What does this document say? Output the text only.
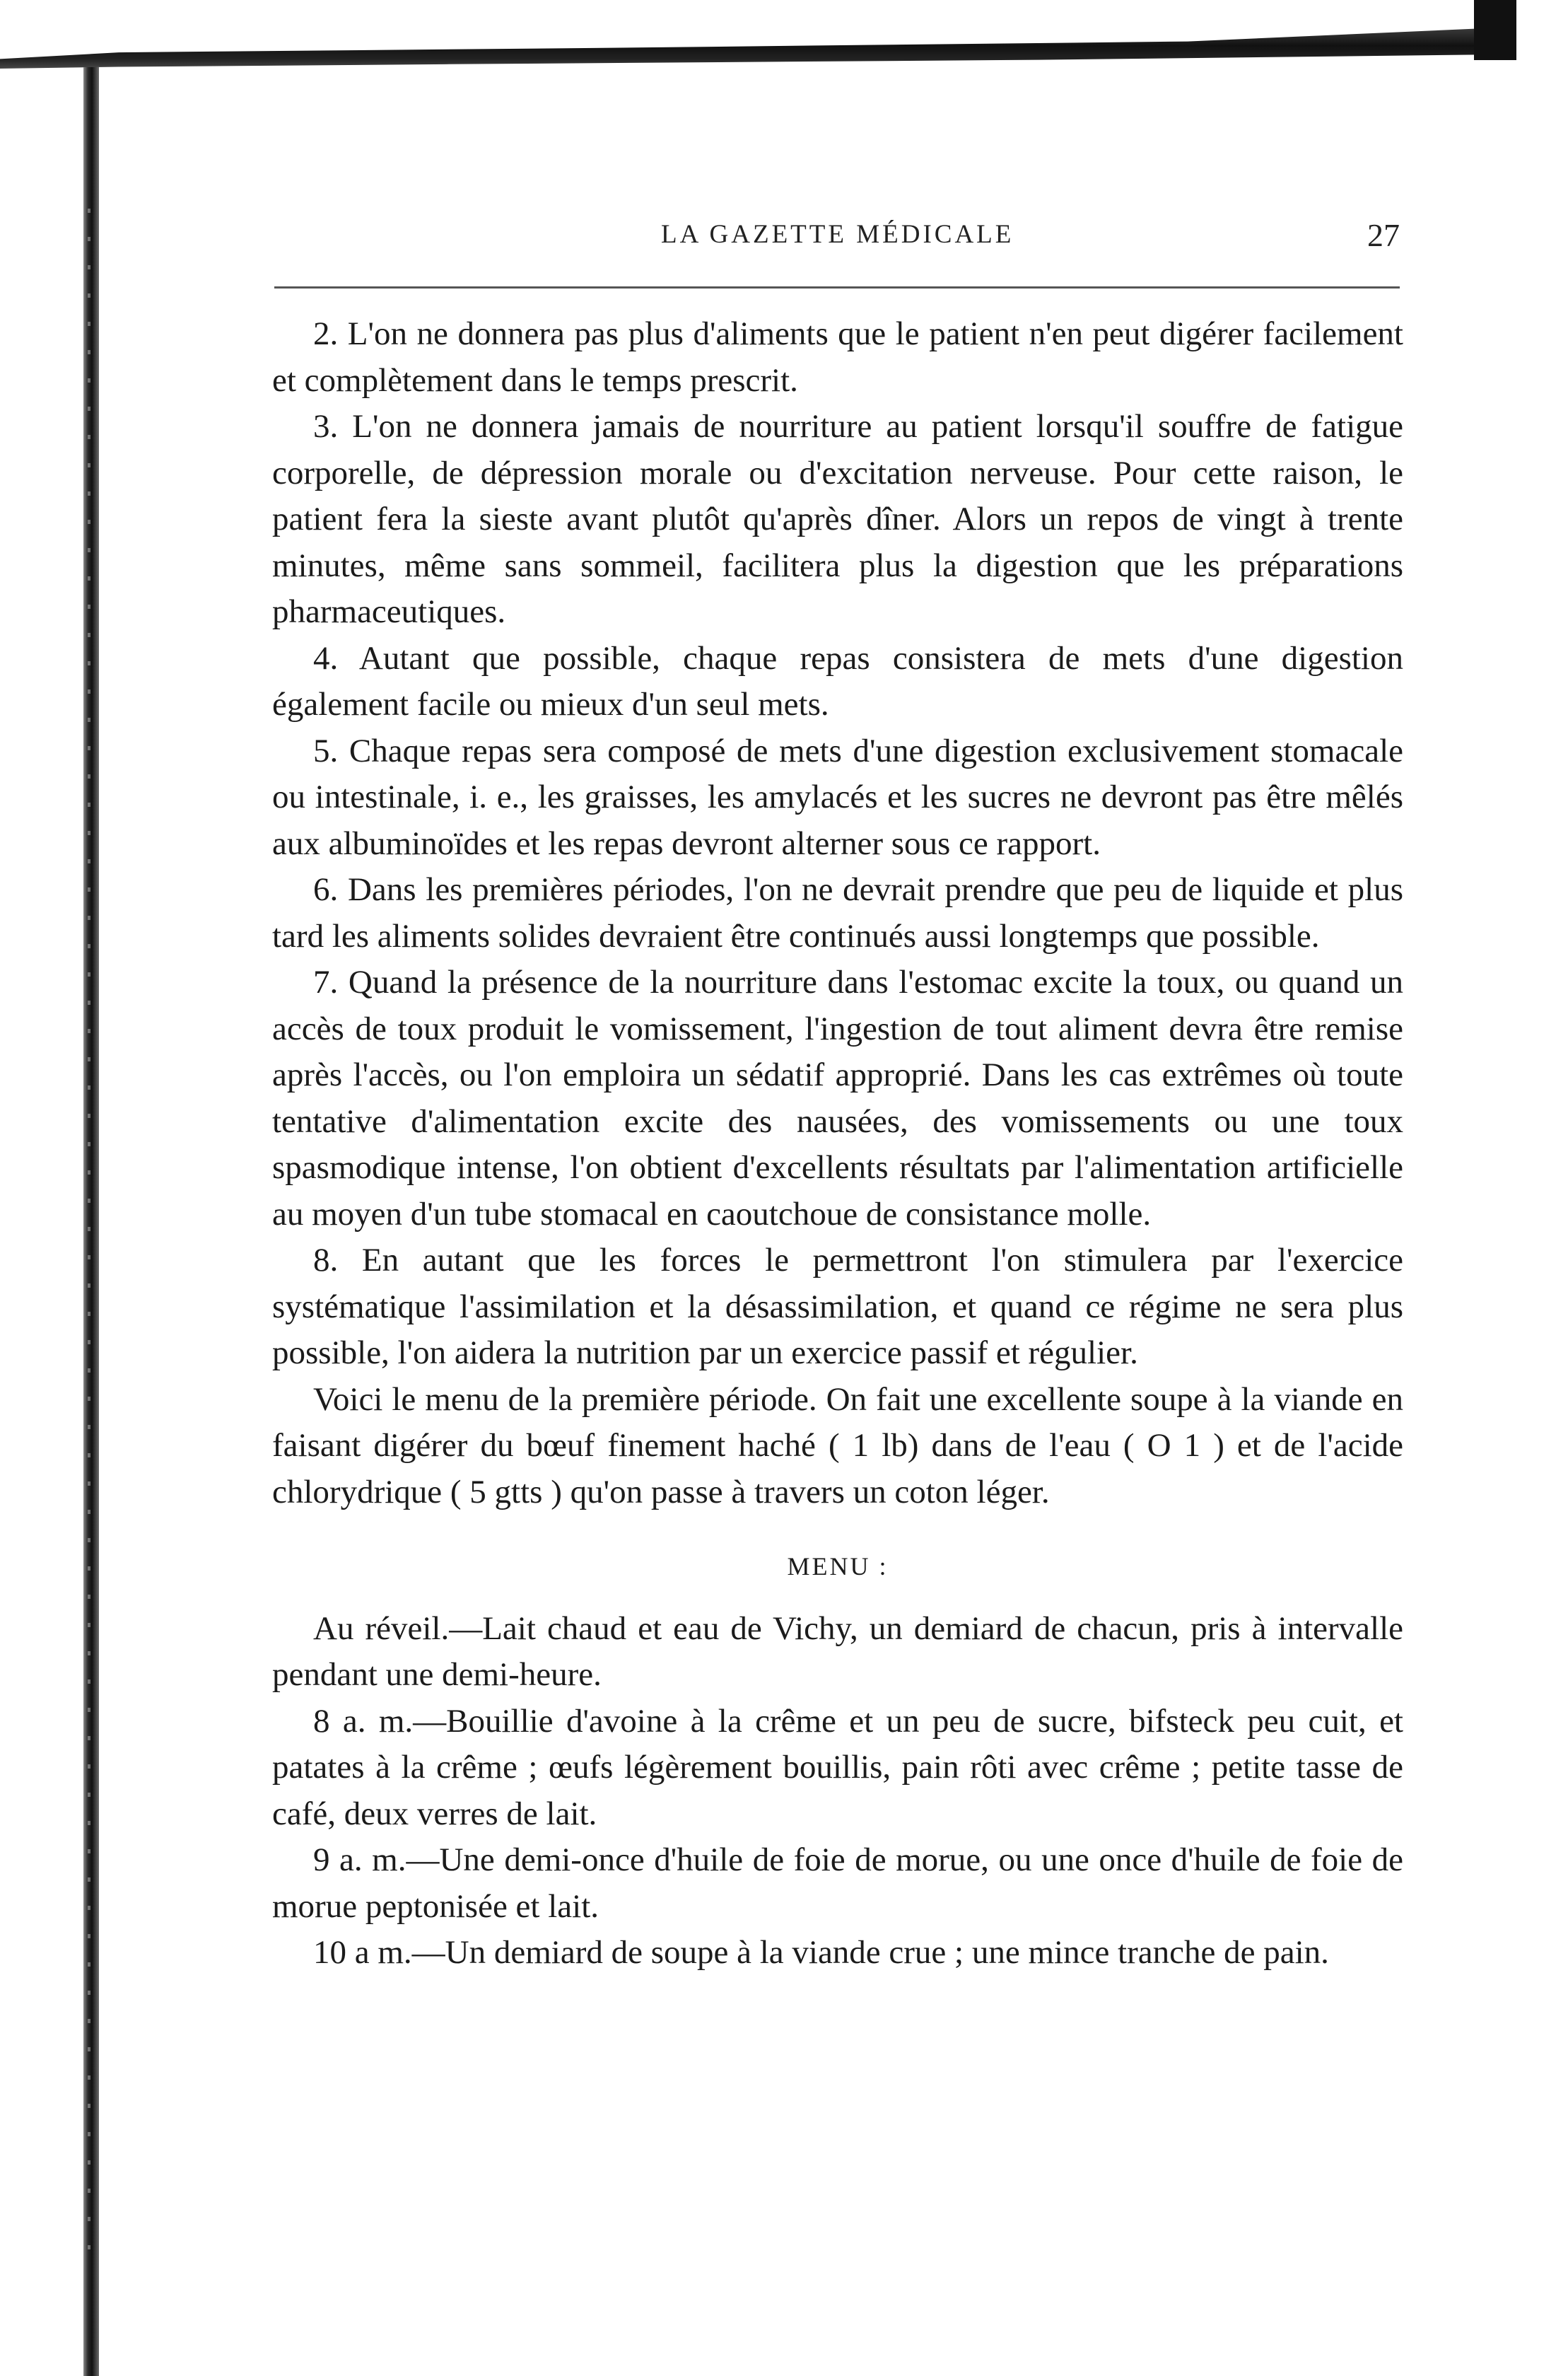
LA GAZETTE MÉDICALE	27

2. L'on ne donnera pas plus d'aliments que le patient n'en peut digérer facilement et complètement dans le temps prescrit.

3. L'on ne donnera jamais de nourriture au patient lorsqu'il souffre de fatigue corporelle, de dépression morale ou d'excitation nerveuse. Pour cette raison, le patient fera la sieste avant plutôt qu'après dîner. Alors un repos de vingt à trente minutes, même sans sommeil, facilitera plus la digestion que les préparations pharmaceutiques.

4. Autant que possible, chaque repas consistera de mets d'une digestion également facile ou mieux d'un seul mets.

5. Chaque repas sera composé de mets d'une digestion exclusivement stomacale ou intestinale, i. e., les graisses, les amylacés et les sucres ne devront pas être mêlés aux albuminoïdes et les repas devront alterner sous ce rapport.

6. Dans les premières périodes, l'on ne devrait prendre que peu de liquide et plus tard les aliments solides devraient être continués aussi longtemps que possible.

7. Quand la présence de la nourriture dans l'estomac excite la toux, ou quand un accès de toux produit le vomissement, l'ingestion de tout aliment devra être remise après l'accès, ou l'on emploira un sédatif approprié. Dans les cas extrêmes où toute tentative d'alimentation excite des nausées, des vomissements ou une toux spasmodique intense, l'on obtient d'excellents résultats par l'alimentation artificielle au moyen d'un tube stomacal en caoutchoue de consistance molle.

8. En autant que les forces le permettront l'on stimulera par l'exercice systématique l'assimilation et la désassimilation, et quand ce régime ne sera plus possible, l'on aidera la nutrition par un exercice passif et régulier.

Voici le menu de la première période. On fait une excellente soupe à la viande en faisant digérer du bœuf finement haché ( 1 lb) dans de l'eau ( O 1 ) et de l'acide chlorydrique ( 5 gtts ) qu'on passe à travers un coton léger.

MENU :

Au réveil.—Lait chaud et eau de Vichy, un demiard de chacun, pris à intervalle pendant une demi-heure.

8 a. m.—Bouillie d'avoine à la crême et un peu de sucre, bifsteck peu cuit, et patates à la crême ; œufs légèrement bouillis, pain rôti avec crême ; petite tasse de café, deux verres de lait.

9 a. m.—Une demi-once d'huile de foie de morue, ou une once d'huile de foie de morue peptonisée et lait.

10 a m.—Un demiard de soupe à la viande crue ; une mince tranche de pain.
